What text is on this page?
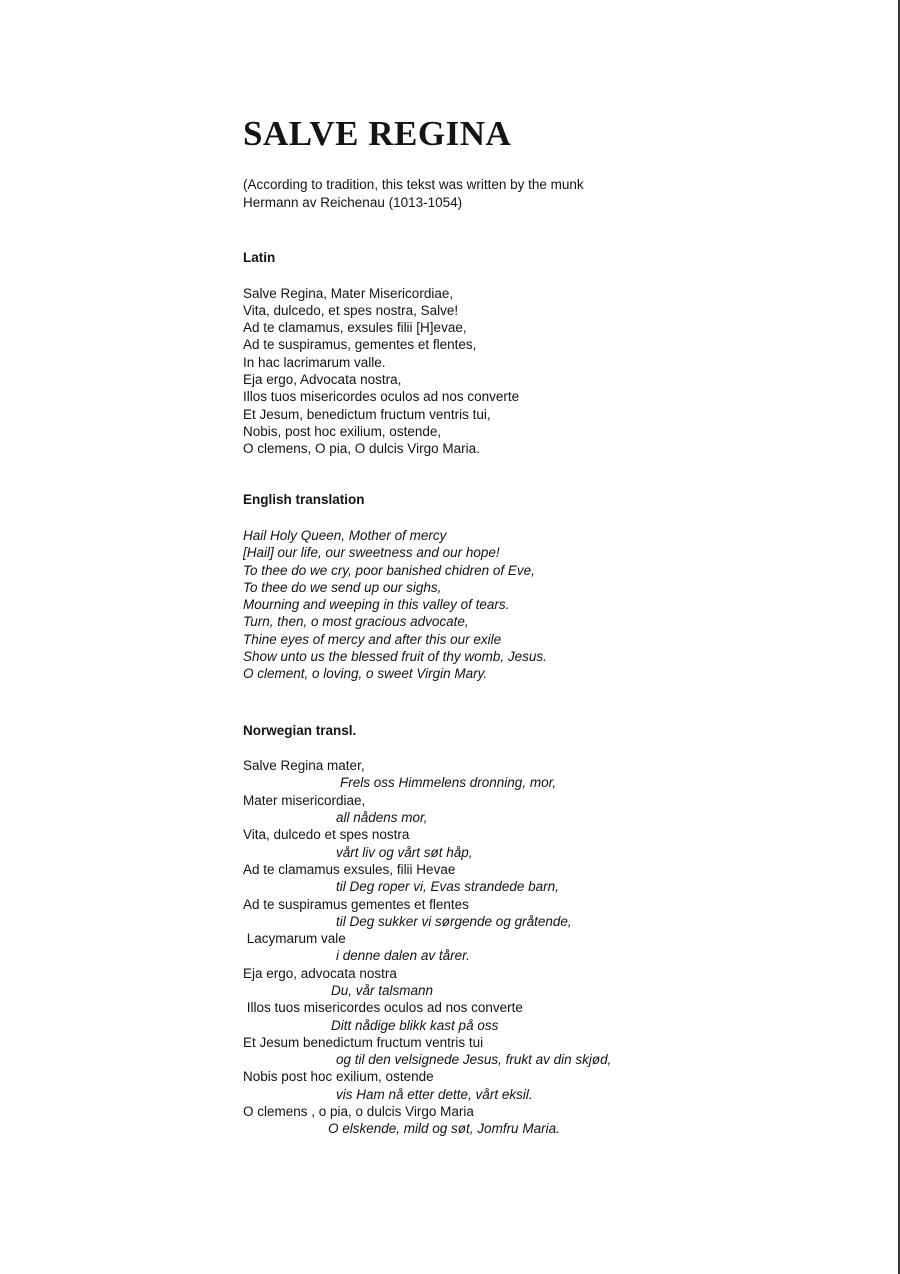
SALVE REGINA
(According to tradition, this tekst was written by the munk
Hermann av Reichenau (1013-1054)
Latin
Salve Regina, Mater Misericordiae,
Vita, dulcedo, et spes nostra, Salve!
Ad te clamamus, exsules filii [H]evae,
Ad te suspiramus, gementes et flentes,
In hac lacrimarum valle.
Eja ergo, Advocata nostra,
Illos tuos misericordes oculos ad nos converte
Et Jesum, benedictum fructum ventris tui,
Nobis, post hoc exilium, ostende,
O clemens, O pia, O dulcis Virgo Maria.
English translation
Hail Holy Queen, Mother of mercy
[Hail] our life, our sweetness and our hope!
To thee do we cry, poor banished chidren of Eve,
To thee do we send up our sighs,
Mourning and weeping in this valley of tears.
Turn, then, o most gracious advocate,
Thine eyes of mercy and after this our exile
Show unto us the blessed fruit of thy womb, Jesus.
O clement, o loving, o sweet Virgin Mary.
Norwegian transl.
Salve Regina mater,
Frels oss Himmelens dronning, mor,
Mater misericordiae,
all nådens mor,
Vita, dulcedo et spes nostra
vårt liv og vårt søt håp,
Ad te clamamus exsules, filii Hevae
til Deg roper vi, Evas strandede barn,
Ad te suspiramus gementes et flentes
til Deg sukker vi sørgende og gråtende,
Lacymarum vale
i denne dalen av tårer.
Eja ergo, advocata nostra
Du, vår talsmann
Illos tuos misericordes oculos ad nos converte
Ditt nådige blikk kast på oss
Et Jesum benedictum fructum ventris tui
og til den velsignede Jesus, frukt av din skjød,
Nobis post hoc exilium, ostende
vis Ham nå etter dette, vårt eksil.
O clemens , o pia, o dulcis Virgo Maria
O elskende, mild og søt, Jomfru Maria.
